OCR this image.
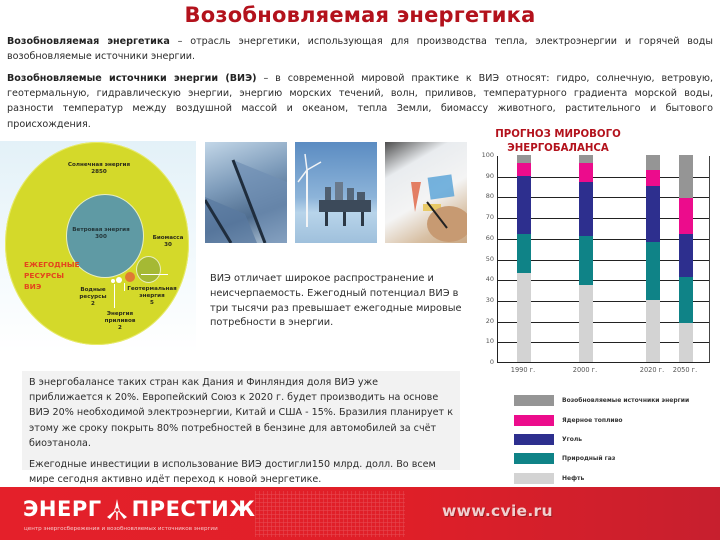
Возобновляемая энергетика

Возобновляемая энергетика – отрасль энергетики, использующая для производства тепла, электроэнергии и горячей воды возобновляемые источники энергии.

Возобновляемые источники энергии (ВИЭ) – в современной мировой практике к ВИЭ относят: гидро, солнечную, ветровую, геотермальную, гидравлическую энергии, энергию морских течений, волн, приливов, температурного градиента морской воды, разности температур между воздушной массой и океаном, тепла Земли, биомассу животного, растительного и бытового происхождения.

Солнечная энергия
2850
Ветровая энергия
300	Биомасса
30
Геотермальная энергия
5
Водные ресурсы
2
Энергия приливов
2
ЕЖЕГОДНЫЕ
РЕСУРСЫ
ВИЭ

ВИЭ отличает широкое распространение и неисчерпаемость. Ежегодный потенциал ВИЭ в три тысячи раз превышает ежегодные мировые потребности в энергии.

В энергобалансе таких стран как Дания и Финляндия доля ВИЭ уже приближается к 20%. Европейский Союз к 2020 г. будет производить на основе ВИЭ 20% необходимой электроэнергии, Китай и США - 15%. Бразилия планирует к этому же сроку покрыть 80% потребностей в бензине для автомобилей за счёт биоэтанола.

Ежегодные инвестиции в использование ВИЭ достигли150 млрд. долл. Во всем мире сегодня активно идёт переход к новой энергетике.

ПРОГНОЗ МИРОВОГО ЭНЕРГОБАЛАНСА
0
10
20
30
40
50
60
70
80
90
100
1990 г.	2000 г.	2020 г.	2050 г.
Возобновляемые источники энергии
Ядерное топливо
Уголь
Природный газ
Нефть
ЭНЕРГ ПРЕСТИЖ
центр энергосбережения и возобновляемых источников энергии
www.cvie.ru
